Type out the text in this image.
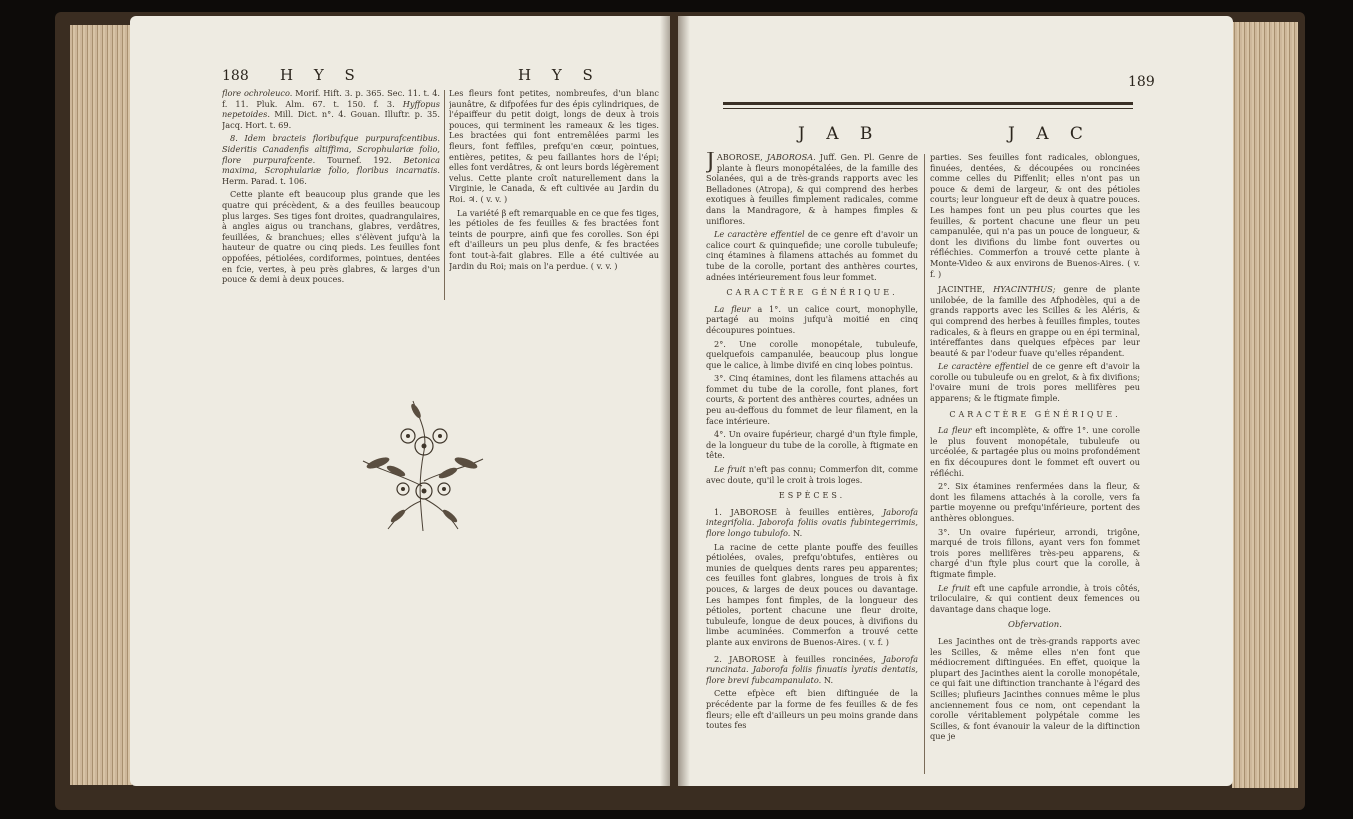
188 H Y S	H Y S

flore ochroleuco. Morif. Hift. 3. p. 365. Sec. 11. t. 4. f. 11. Pluk. Alm. 67. t. 150. f. 3. Hyffopus nepetoides. Mill. Dict. n°. 4. Gouan. Illuftr. p. 35. Jacq. Hort. t. 69.

8. Idem bracteis floribufque purpurafcentibus. Sideritis Canadenfis altiffima, Scrophulariæ folio, flore purpurafcente. Tournef. 192. Betonica maxima, Scrophulariæ folio, floribus incarnatis. Herm. Parad. t. 106.

Cette plante eft beaucoup plus grande que les quatre qui précèdent, & a des feuilles beaucoup plus larges. Ses tiges font droites, quadrangulaires, à angles aigus ou tranchans, glabres, verdâtres, feuillées, & branchues; elles s'élèvent jufqu'à la hauteur de quatre ou cinq pieds. Les feuilles font oppofées, pétiolées, cordiformes, pointues, dentées en fcie, vertes, à peu près glabres, & larges d'un pouce & demi à deux pouces.

Les fleurs font petites, nombreufes, d'un blanc jaunâtre, & difpofées fur des épis cylindriques, de l'épaiffeur du petit doigt, longs de deux à trois pouces, qui terminent les rameaux & les tiges. Les bractées qui font entremêlées parmi les fleurs, font feffiles, prefqu'en cœur, pointues, entières, petites, & peu faillantes hors de l'épi; elles font verdâtres, & ont leurs bords légèrement velus. Cette plante croît naturellement dans la Virginie, le Canada, & eft cultivée au Jardin du Roi. ♃. ( v. v. )

La variété β eft remarquable en ce que fes tiges, les pétioles de fes feuilles & fes bractées font teints de pourpre, ainfi que fes corolles. Son épi eft d'ailleurs un peu plus denfe, & fes bractées font tout-à-fait glabres. Elle a été cultivée au Jardin du Roi; mais on l'a perdue. ( v. v. )

189
J A B	J A C

JABOROSE, JABOROSA. Juff. Gen. Pl. Genre de plante à fleurs monopétalées, de la famille des Solanées, qui a de très-grands rapports avec les Belladones (Atropa), & qui comprend des herbes exotiques à feuilles fimplement radicales, comme dans la Mandragore, & à hampes fimples & uniflores.

Le caractère effentiel de ce genre eft d'avoir un calice court & quinquefide; une corolle tubuleufe; cinq étamines à filamens attachés au fommet du tube de la corolle, portant des anthères courtes, adnées intérieurement fous leur fommet.

CARACTÈRE GÉNÉRIQUE.

La fleur a 1°. un calice court, monophylle, partagé au moins jufqu'à moitié en cinq découpures pointues.

2°. Une corolle monopétale, tubuleufe, quelquefois campanulée, beaucoup plus longue que le calice, à limbe divifé en cinq lobes pointus.

3°. Cinq étamines, dont les filamens attachés au fommet du tube de la corolle, font planes, fort courts, & portent des anthères courtes, adnées un peu au-deffous du fommet de leur filament, en la face intérieure.

4°. Un ovaire fupérieur, chargé d'un ftyle fimple, de la longueur du tube de la corolle, à ftigmate en tête.

Le fruit n'eft pas connu; Commerfon dit, comme avec doute, qu'il le croit à trois loges.

ESPÈCES.

1. JABOROSE à feuilles entières, Jaborofa integrifolia. Jaborofa foliis ovatis fubintegerrimis, flore longo tubulofo. N.

La racine de cette plante pouffe des feuilles pétiolées, ovales, prefqu'obtufes, entières ou munies de quelques dents rares peu apparentes; ces feuilles font glabres, longues de trois à fix pouces, & larges de deux pouces ou davantage. Les hampes font fimples, de la longueur des pétioles, portent chacune une fleur droite, tubuleufe, longue de deux pouces, à divifions du limbe acuminées. Commerfon a trouvé cette plante aux environs de Buenos-Aires. ( v. f. )

2. JABOROSE à feuilles roncinées, Jaborofa runcinata. Jaborofa foliis finuatis lyratis dentatis, flore brevi fubcampanulato. N.

Cette efpèce eft bien diftinguée de la précédente par la forme de fes feuilles & de fes fleurs; elle eft d'ailleurs un peu moins grande dans toutes fes

parties. Ses feuilles font radicales, oblongues, finuées, dentées, & découpées ou roncinées comme celles du Piffenlit; elles n'ont pas un pouce & demi de largeur, & ont des pétioles courts; leur longueur eft de deux à quatre pouces. Les hampes font un peu plus courtes que les feuilles, & portent chacune une fleur un peu campanulée, qui n'a pas un pouce de longueur, & dont les divifions du limbe font ouvertes ou réfléchies. Commerfon a trouvé cette plante à Monte-Video & aux environs de Buenos-Aires. ( v. f. )

JACINTHE, HYACINTHUS; genre de plante unilobée, de la famille des Afphodèles, qui a de grands rapports avec les Scilles & les Aléris, & qui comprend des herbes à feuilles fimples, toutes radicales, & à fleurs en grappe ou en épi terminal, intéreffantes dans quelques efpèces par leur beauté & par l'odeur fuave qu'elles répandent.

Le caractère effentiel de ce genre eft d'avoir la corolle ou tubuleufe ou en grelot, & à fix divifions; l'ovaire muni de trois pores mellifères peu apparens; & le ftigmate fimple.

CARACTÈRE GÉNÉRIQUE.

La fleur eft incomplète, & offre 1°. une corolle le plus fouvent monopétale, tubuleufe ou urcéolée, & partagée plus ou moins profondément en fix découpures dont le fommet eft ouvert ou réfléchi.

2°. Six étamines renfermées dans la fleur, & dont les filamens attachés à la corolle, vers fa partie moyenne ou prefqu'inférieure, portent des anthères oblongues.

3°. Un ovaire fupérieur, arrondi, trigône, marqué de trois fillons, ayant vers fon fommet trois pores mellifères très-peu apparens, & chargé d'un ftyle plus court que la corolle, à ftigmate fimple.

Le fruit eft une capfule arrondie, à trois côtés, triloculaire, & qui contient deux femences ou davantage dans chaque loge.

Obfervation.

Les Jacinthes ont de très-grands rapports avec les Scilles, & même elles n'en font que médiocrement diftinguées. En effet, quoique la plupart des Jacinthes aient la corolle monopétale, ce qui fait une diftinction tranchante à l'égard des Scilles; plufieurs Jacinthes connues même le plus anciennement fous ce nom, ont cependant la corolle véritablement polypétale comme les Scilles, & font évanouir la valeur de la diftinction que je
